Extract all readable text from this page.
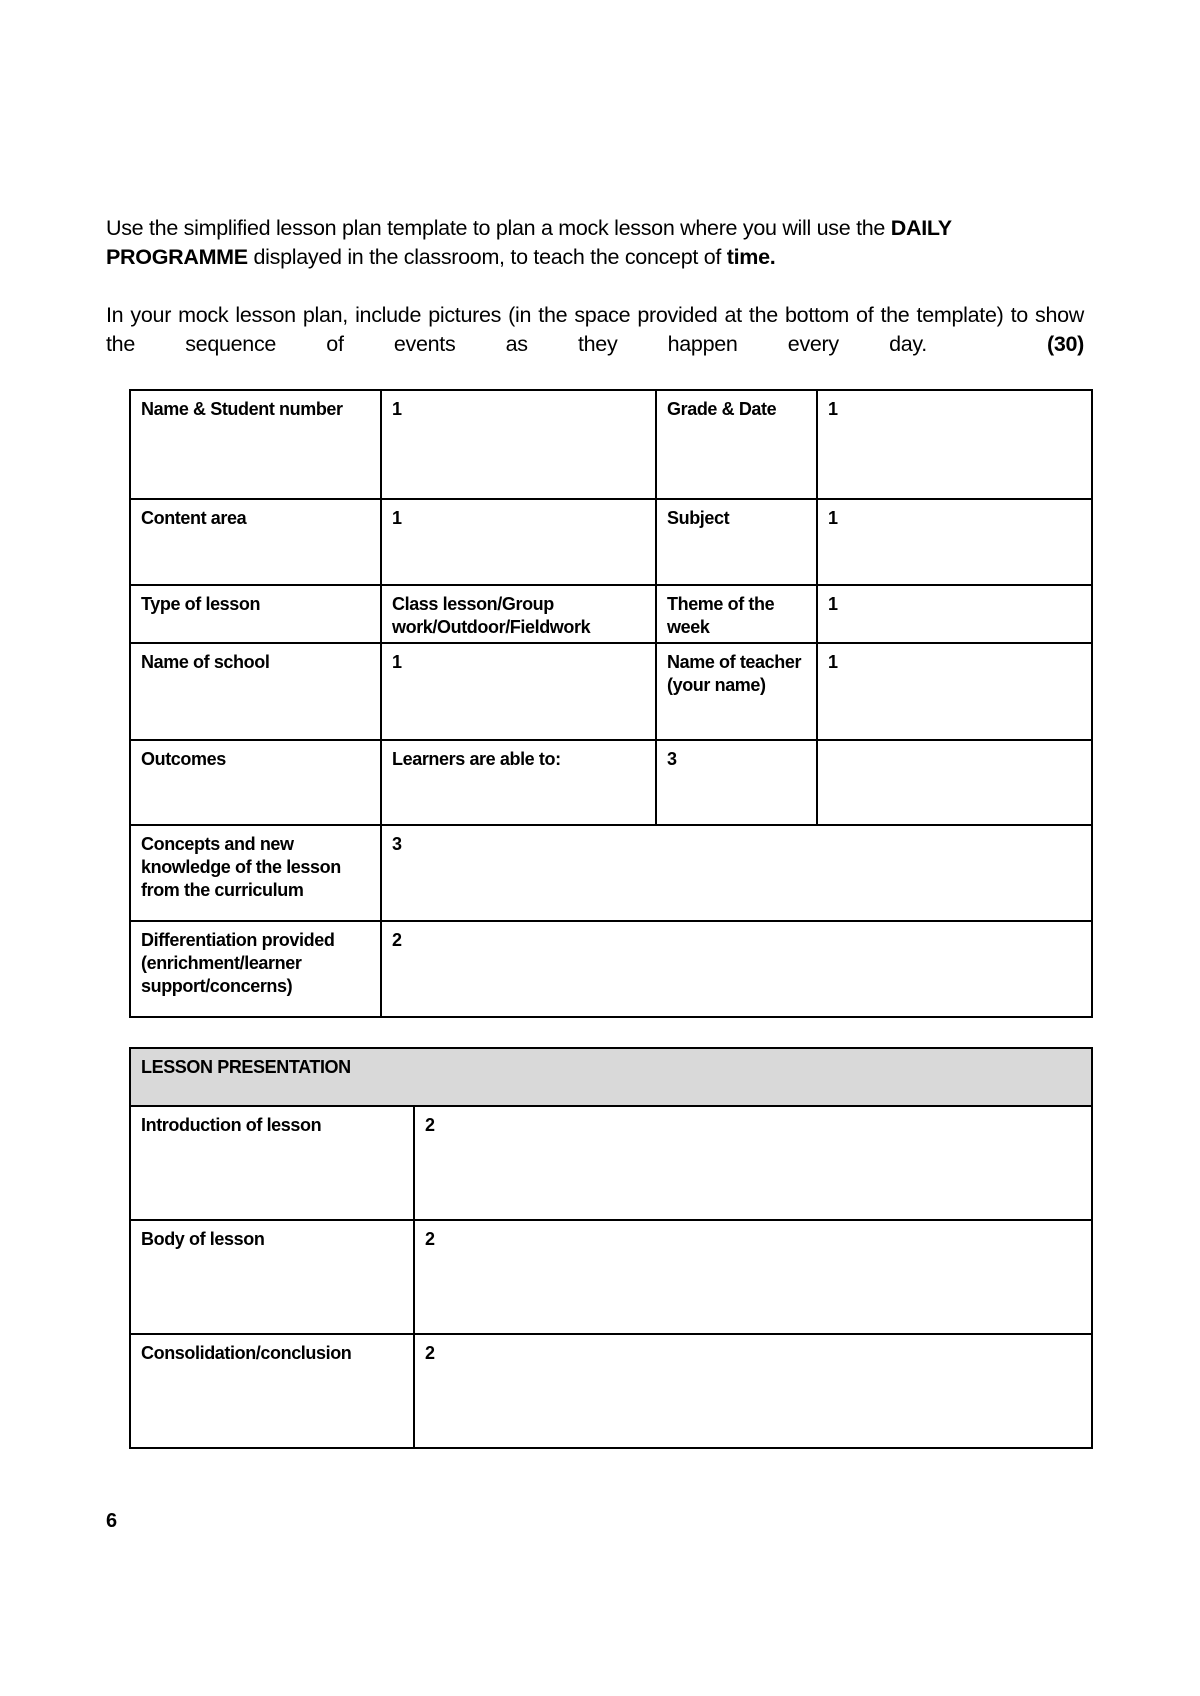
Use the simplified lesson plan template to plan a mock lesson where you will use the DAILY PROGRAMME displayed in the classroom, to teach the concept of time.
In your mock lesson plan, include pictures (in the space provided at the bottom of the template) to show the sequence of events as they happen every day.	(30)
Name & Student number	1	Grade & Date	1
Content area	1	Subject	1
Type of lesson	Class lesson/Group work/Outdoor/Fieldwork	Theme of the week	1
Name of school	1	Name of teacher (your name)	1
Outcomes	Learners are able to:	3	
Concepts and new knowledge of the lesson from the curriculum	3		
Differentiation provided (enrichment/learner support/concerns)	2		
LESSON PRESENTATION	
Introduction of lesson	2
Body of lesson	2
Consolidation/conclusion	2
6
